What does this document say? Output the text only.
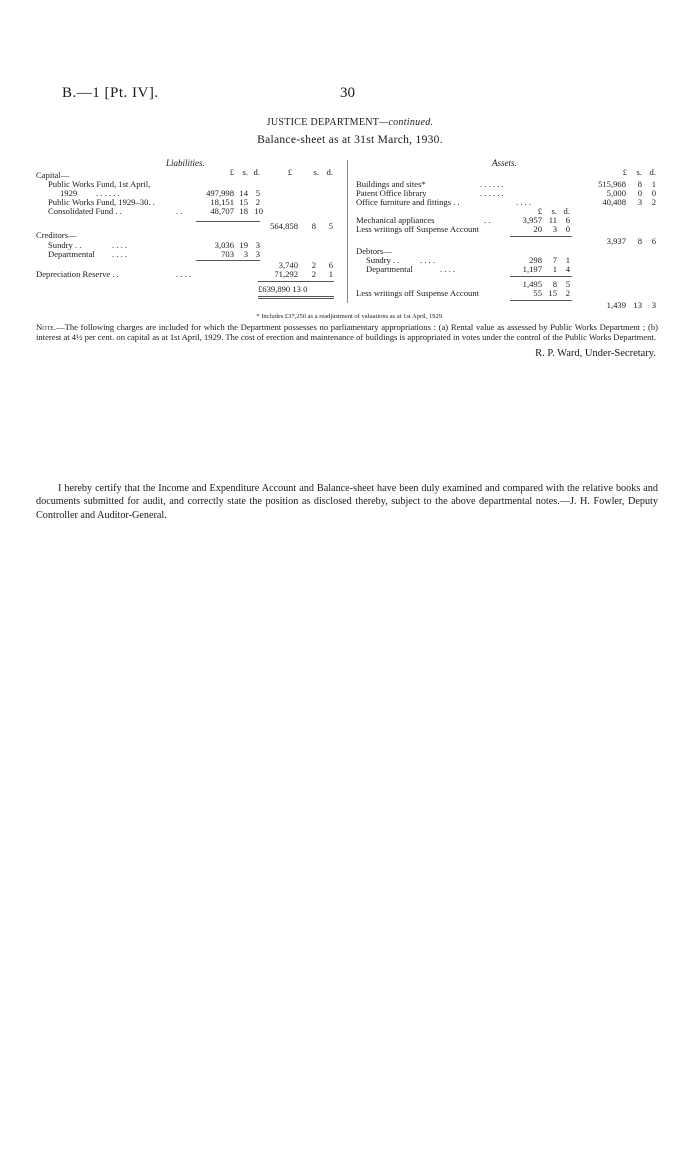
B.—1 [Pt. IV].	30
JUSTICE DEPARTMENT—continued.
Balance-sheet as at 31st March, 1930.
Liabilities.
£ s. d.	£	s. d.
Capital—
Public Works Fund, 1st April,
1929 . . . . . .	497,998 14 5
Public Works Fund, 1929–30. .	18,151 15 2
Consolidated Fund . .	. .	48,707 18 10
564,858	8	5
Creditors—
Sundry . .	. . . .	3,036 19 3
Departmental . . . .	703	3 3
3,740	2	6
Depreciation Reserve . .	. . . .	71,292	2	1
£639,890 13 0
Assets.
£	s. d.
Buildings and sites*	. . . . . .	515,968	8	1
Patent Office library	. . . . . .	5,000	0	0
Office furniture and fittings . .	. . . .	40,408	3	2
£	s. d.
Mechanical appliances	. .	3,957 11	6
Less writings off Suspense Account	20	3	0
3,937	8	6
Debtors—
Sundry . . . . . .	298	7	1
Departmental	. . . .	1,197	1	4
1,495	8	5
Less writings off Suspense Account	55 15	2
1,439 13	3
* Includes £37,250 as a readjustment of valuations as at 1st April, 1929.
Note.—The following charges are included for which the Department possesses no parliamentary appropriations : (a) Rental value as assessed by Public Works Department ; (b) interest at 4½ per cent. on capital as at 1st April, 1929. The cost of erection and maintenance of buildings is appropriated in votes under the control of the Public Works Department.
R. P. Ward, Under-Secretary.
I hereby certify that the Income and Expenditure Account and Balance-sheet have been duly examined and compared with the relative books and documents submitted for audit, and correctly state the position as disclosed thereby, subject to the above departmental notes.—J. H. Fowler, Deputy Controller and Auditor-General.
